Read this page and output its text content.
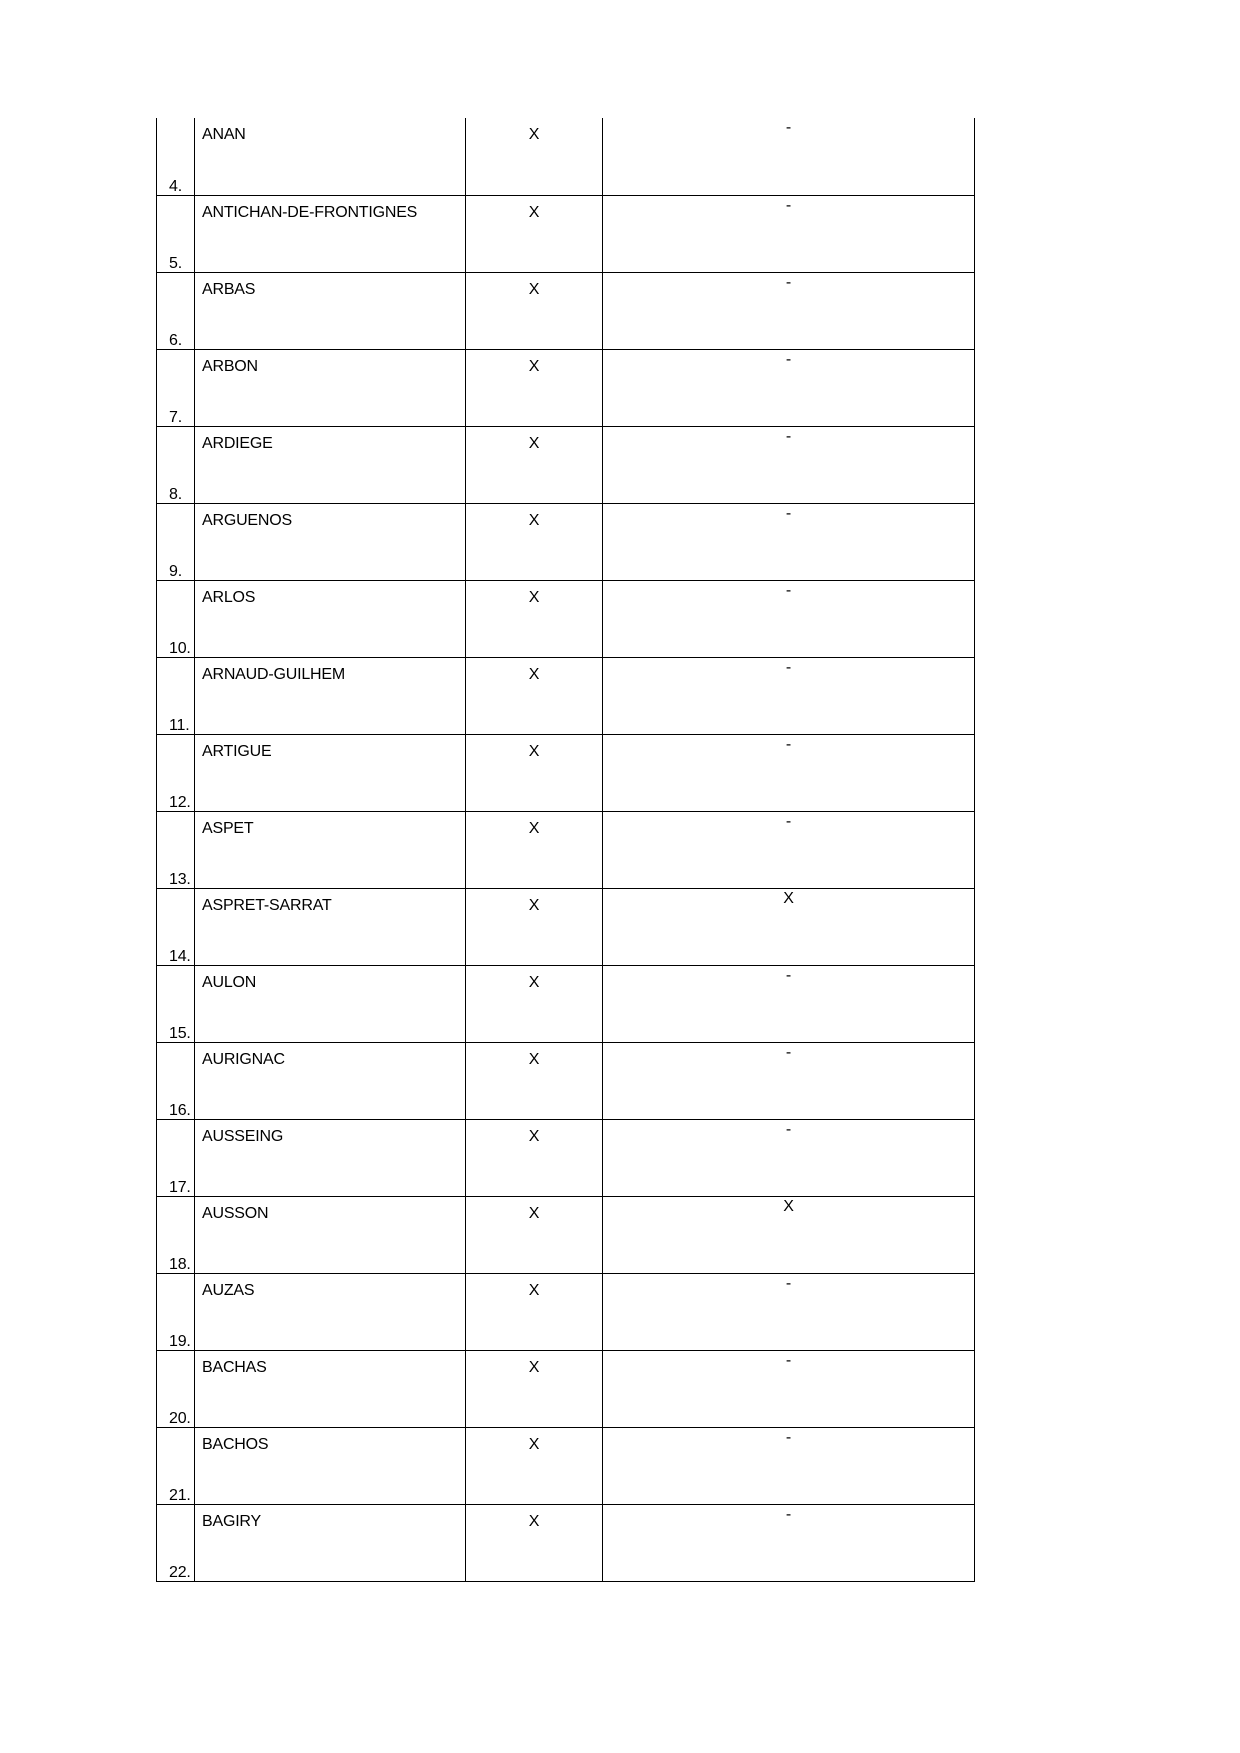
4.	ANAN	X	-

5.	ANTICHAN-DE-FRONTIGNES	X	-

6.	ARBAS	X	-

7.	ARBON	X	-

8.	ARDIEGE	X	-

9.	ARGUENOS	X	-

10.	ARLOS	X	-

11.	ARNAUD-GUILHEM	X	-

12.	ARTIGUE	X	-

13.	ASPET	X	-

14.	ASPRET-SARRAT	X	X

15.	AULON	X	-

16.	AURIGNAC	X	-

17.	AUSSEING	X	-

18.	AUSSON	X	X

19.	AUZAS	X	-

20.	BACHAS	X	-

21.	BACHOS	X	-

22.	BAGIRY	X	-
